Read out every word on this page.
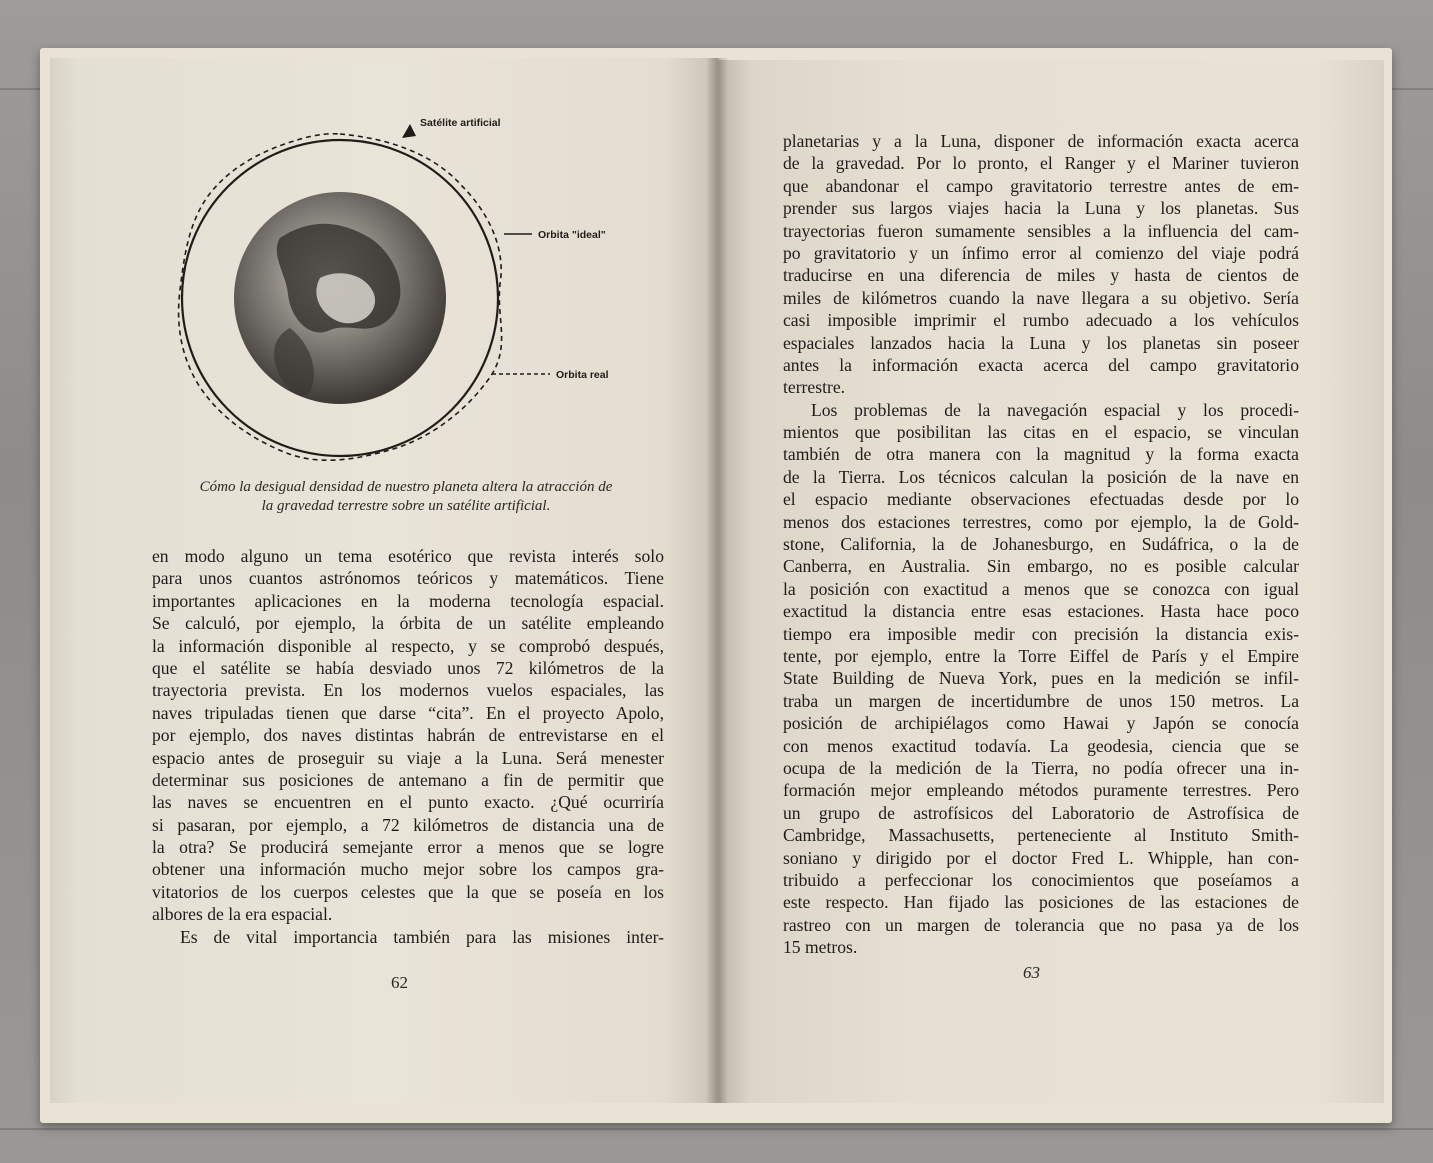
Satélite artificial
Orbita "ideal"
Orbita real
Cómo la desigual densidad de nuestro planeta altera la atracción de
la gravedad terrestre sobre un satélite artificial.
en modo alguno un tema esotérico que revista interés solo
para unos cuantos astrónomos teóricos y matemáticos. Tiene
importantes aplicaciones en la moderna tecnología espacial.
Se calculó, por ejemplo, la órbita de un satélite empleando
la información disponible al respecto, y se comprobó después,
que el satélite se había desviado unos 72 kilómetros de la
trayectoria prevista. En los modernos vuelos espaciales, las
naves tripuladas tienen que darse “cita”. En el proyecto Apolo,
por ejemplo, dos naves distintas habrán de entrevistarse en el
espacio antes de proseguir su viaje a la Luna. Será menester
determinar sus posiciones de antemano a fin de permitir que
las naves se encuentren en el punto exacto. ¿Qué ocurriría
si pasaran, por ejemplo, a 72 kilómetros de distancia una de
la otra? Se producirá semejante error a menos que se logre
obtener una información mucho mejor sobre los campos gra-
vitatorios de los cuerpos celestes que la que se poseía en los
albores de la era espacial.
Es de vital importancia también para las misiones inter-
62
planetarias y a la Luna, disponer de información exacta acerca
de la gravedad. Por lo pronto, el Ranger y el Mariner tuvieron
que abandonar el campo gravitatorio terrestre antes de em-
prender sus largos viajes hacia la Luna y los planetas. Sus
trayectorias fueron sumamente sensibles a la influencia del cam-
po gravitatorio y un ínfimo error al comienzo del viaje podrá
traducirse en una diferencia de miles y hasta de cientos de
miles de kilómetros cuando la nave llegara a su objetivo. Sería
casi imposible imprimir el rumbo adecuado a los vehículos
espaciales lanzados hacia la Luna y los planetas sin poseer
antes la información exacta acerca del campo gravitatorio
terrestre.
Los problemas de la navegación espacial y los procedi-
mientos que posibilitan las citas en el espacio, se vinculan
también de otra manera con la magnitud y la forma exacta
de la Tierra. Los técnicos calculan la posición de la nave en
el espacio mediante observaciones efectuadas desde por lo
menos dos estaciones terrestres, como por ejemplo, la de Gold-
stone, California, la de Johanesburgo, en Sudáfrica, o la de
Canberra, en Australia. Sin embargo, no es posible calcular
la posición con exactitud a menos que se conozca con igual
exactitud la distancia entre esas estaciones. Hasta hace poco
tiempo era imposible medir con precisión la distancia exis-
tente, por ejemplo, entre la Torre Eiffel de París y el Empire
State Building de Nueva York, pues en la medición se infil-
traba un margen de incertidumbre de unos 150 metros. La
posición de archipiélagos como Hawai y Japón se conocía
con menos exactitud todavía. La geodesia, ciencia que se
ocupa de la medición de la Tierra, no podía ofrecer una in-
formación mejor empleando métodos puramente terrestres. Pero
un grupo de astrofísicos del Laboratorio de Astrofísica de
Cambridge, Massachusetts, perteneciente al Instituto Smith-
soniano y dirigido por el doctor Fred L. Whipple, han con-
tribuido a perfeccionar los conocimientos que poseíamos a
este respecto. Han fijado las posiciones de las estaciones de
rastreo con un margen de tolerancia que no pasa ya de los
15 metros.
63
